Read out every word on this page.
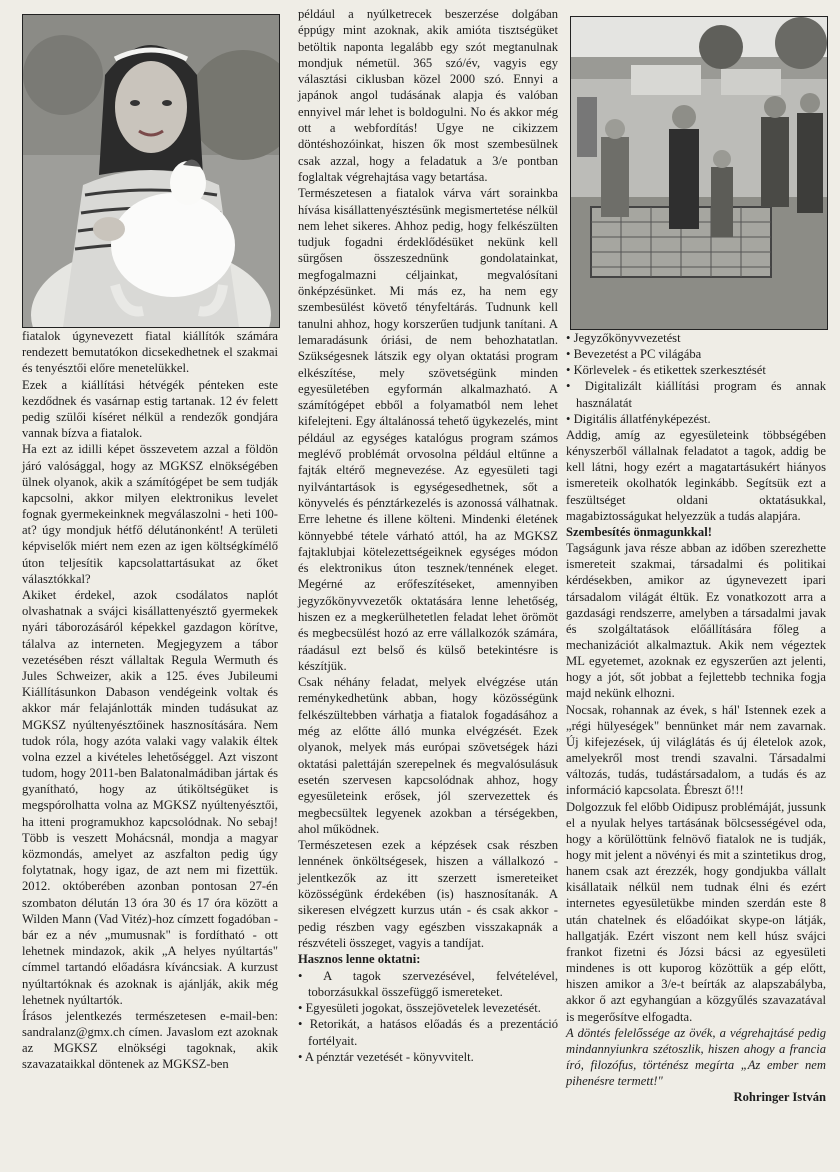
fiatalok úgynevezett fiatal kiállítók számára rendezett bemutatókon dicsekedhetnek el szakmai és tenyésztői előre menetelükkel.

Ezek a kiállítási hétvégék pénteken este kezdődnek és vasárnap estig tartanak. 12 év felett pedig szülői kíséret nélkül a rendezők gondjára vannak bízva a fiatalok.

Ha ezt az idilli képet összevetem azzal a földön járó valósággal, hogy az MGKSZ elnökségében ülnek olyanok, akik a számítógépet be sem tudják kapcsolni, akkor milyen elektronikus levelet fognak gyermekeinknek megválaszolni - heti 100-at? úgy mondjuk hétfő délutánonként! A területi képviselők miért nem ezen az igen költségkímélő úton teljesítik kapcsolattartásukat az őket választókkal?

Akiket érdekel, azok csodálatos naplót olvashatnak a svájci kisállattenyésztő gyermekek nyári táborozásáról képekkel gazdagon körítve, tálalva az interneten. Megjegyzem a tábor vezetésében részt vállaltak Regula Wermuth és Jules Schweizer, akik a 125. éves Jubileumi Kiállításunkon Dabason vendégeink voltak és akkor már felajánlották minden tudásukat az MGKSZ nyúltenyésztőinek hasznosítására. Nem tudok róla, hogy azóta valaki vagy valakik éltek volna ezzel a kivételes lehetőséggel. Azt viszont tudom, hogy 2011-ben Balatonalmádiban jártak és gyanítható, hogy az útiköltségüket is megspórolhatta volna az MGKSZ nyúltenyésztői, ha itteni programukhoz kapcsolódnak. No sebaj! Több is veszett Mohácsnál, mondja a magyar közmondás, amelyet az aszfalton pedig úgy folytatnak, hogy igaz, de azt nem mi fizettük. 2012. októberében azonban pontosan 27-én szombaton délután 13 óra 30 és 17 óra között a Wilden Mann (Vad Vitéz)-hoz címzett fogadóban - bár ez a név „mumusnak" is fordítható - ott lehetnek mindazok, akik „A helyes nyúltartás" címmel tartandó előadásra kíváncsiak. A kurzust nyúltartóknak és azoknak is ajánlják, akik még lehetnek nyúltartók.

Írásos jelentkezés természetesen e-mail-ben: sandralanz@gmx.ch címen. Javaslom ezt azoknak az MGKSZ elnökségi tagoknak, akik szavazataikkal döntenek az MGKSZ-ben

például a nyúlketrecek beszerzése dolgában éppúgy mint azoknak, akik amióta tisztségüket betöltik naponta legalább egy szót megtanulnak mondjuk németül. 365 szó/év, vagyis egy választási ciklusban közel 2000 szó. Ennyi a japánok angol tudásának alapja és valóban ennyivel már lehet is boldogulni. No és akkor még ott a webfordítás! Ugye ne cikizzem döntéshozóinkat, hiszen ők most szembesülnek csak azzal, hogy a feladatuk a 3/e pontban foglaltak végrehajtása vagy betartása.

Természetesen a fiatalok várva várt sorainkba hívása kisállattenyésztésünk megismertetése nélkül nem lehet sikeres. Ahhoz pedig, hogy felkészülten tudjuk fogadni érdeklődésüket nekünk kell sürgősen összeszednünk gondolatainkat, megfogalmazni céljainkat, megvalósítani önképzésünket. Mi más ez, ha nem egy szembesülést követő tényfeltárás. Tudnunk kell tanulni ahhoz, hogy korszerűen tudjunk tanítani. A lemaradásunk óriási, de nem behozhatatlan. Szükségesnek látszik egy olyan oktatási program elkészítése, mely szövetségünk minden egyesületében egyformán alkalmazható. A számítógépet ebből a folyamatból nem lehet kifelejteni. Egy általánossá tehető ügykezelés, mint például az egységes katalógus program számos meglévő problémát orvosolna például eltűnne a fajták eltérő megnevezése. Az egyesületi tagi nyilvántartások is egységesedhetnek, sőt a könyvelés és pénztárkezelés is azonossá válhatnak. Erre lehetne és illene költeni. Mindenki életének könnyebbé tétele várható attól, ha az MGKSZ fajtaklubjai kötelezettségeiknek egységes módon és elektronikus úton tesznek/tennének eleget. Megérné az erőfeszítéseket, amennyiben jegyzőkönyvvezetők oktatására lenne lehetőség, hiszen ez a megkerülhetetlen feladat lehet örömöt és megbecsülést hozó az erre vállalkozók számára, ráadásul ezt belső és külső betekintésre is készítjük.

Csak néhány feladat, melyek elvégzése után reménykedhetünk abban, hogy közösségünk felkészültebben várhatja a fiatalok fogadásához a még az előtte álló munka elvégzését. Ezek olyanok, melyek más európai szövetségek házi oktatási palettáján szerepelnek és megvalósulásuk esetén szervesen kapcsolódnak ahhoz, hogy egyesületeink erősek, jól szervezettek és megbecsültek legyenek azokban a térségekben, ahol működnek.

Természetesen ezek a képzések csak részben lennének önköltségesek, hiszen a vállalkozó - jelentkezők az itt szerzett ismereteiket közösségünk érdekében (is) hasznosítanák. A sikeresen elvégzett kurzus után - és csak akkor - pedig részben vagy egészben visszakapnák a részvételi összeget, vagyis a tandíjat.

Hasznos lenne oktatni:

• A tagok szervezésével, felvételével, toborzásukkal összefüggő ismereteket.
• Egyesületi jogokat, összejövetelek levezetését.
• Retorikát, a hatásos előadás és a prezentáció fortélyait.
• A pénztár vezetését - könyvvitelt.
• Jegyzőkönyvvezetést
• Bevezetést a PC világába
• Körlevelek - és etikettek szerkesztését
• Digitalizált kiállítási program és annak használatát
• Digitális állatfényképezést.

Addig, amíg az egyesületeink többségében kényszerből vállalnak feladatot a tagok, addig be kell látni, hogy ezért a magatartásukért hiányos ismereteik okolhatók leginkább. Segítsük ezt a feszültséget oldani oktatásukkal, magabiztosságukat helyezzük a tudás alapjára.

Szembesítés önmagunkkal!

Tagságunk java része abban az időben szerezhette ismereteit szakmai, társadalmi és politikai kérdésekben, amikor az úgynevezett ipari társadalom világát éltük. Ez vonatkozott arra a gazdasági rendszerre, amelyben a társadalmi javak és szolgáltatások előállítására főleg a mechanizációt alkalmaztuk. Akik nem végeztek ML egyetemet, azoknak ez egyszerűen azt jelenti, hogy a jót, sőt jobbat a fejlettebb technika fogja majd nekünk elhozni.

Nocsak, rohannak az évek, s hál' Istennek ezek a „régi hülyeségek" bennünket már nem zavarnak. Új kifejezések, új világlátás és új életelok azok, amelyekről most trendi szavalni. Társadalmi változás, tudás, tudástársadalom, a tudás és az információ kapcsolata. Ébreszt ő!!!

Dolgozzuk fel előbb Oidipusz problémáját, jussunk el a nyulak helyes tartásának bölcsességével oda, hogy a körülöttünk felnövő fiatalok ne is tudják, hogy mit jelent a növényi és mit a szintetikus drog, hanem csak azt érezzék, hogy gondjukba vállalt kisállataik nélkül nem tudnak élni és ezért internetes egyesületükbe minden szerdán este 8 után chatelnek és előadóikat skype-on látják, hallgatják. Ezért viszont nem kell húsz svájci frankot fizetni és Józsi bácsi az egyesületi mindenes is ott kuporog közöttük a gép előtt, hiszen amikor a 3/e-t beírták az alapszabályba, akkor ő azt egyhangúan a közgyűlés szavazatával is megerősítve elfogadta.

A döntés felelőssége az övék, a végrehajtásé pedig mindannyiunkra szétoszlik, hiszen ahogy a francia író, filozófus, történész megírta „Az ember nem pihenésre termett!"

Rohringer István
